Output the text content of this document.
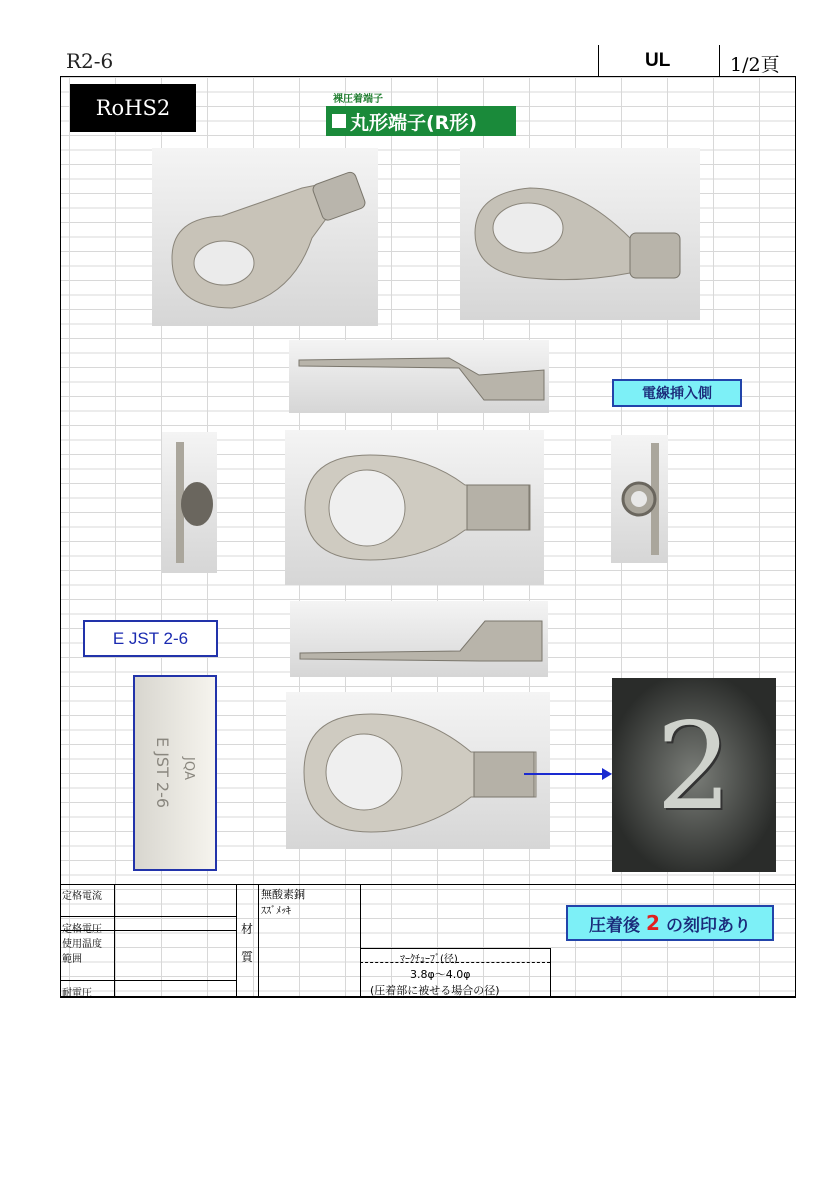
R2-6	UL	1/2頁
RoHS2	裸圧着端子
丸形端子(R形)
電線挿入側
E JST 2-6
E JST 2-6 JQA	2
定格電流
定格電圧
使用温度
範囲
耐電圧
材
質
無酸素銅
ｽｽﾞﾒｯｷ
ﾏｰｸﾁｭｰﾌﾞ(径)
3.8φ～4.0φ
(圧着部に被せる場合の径)
圧着後 2 の刻印あり
